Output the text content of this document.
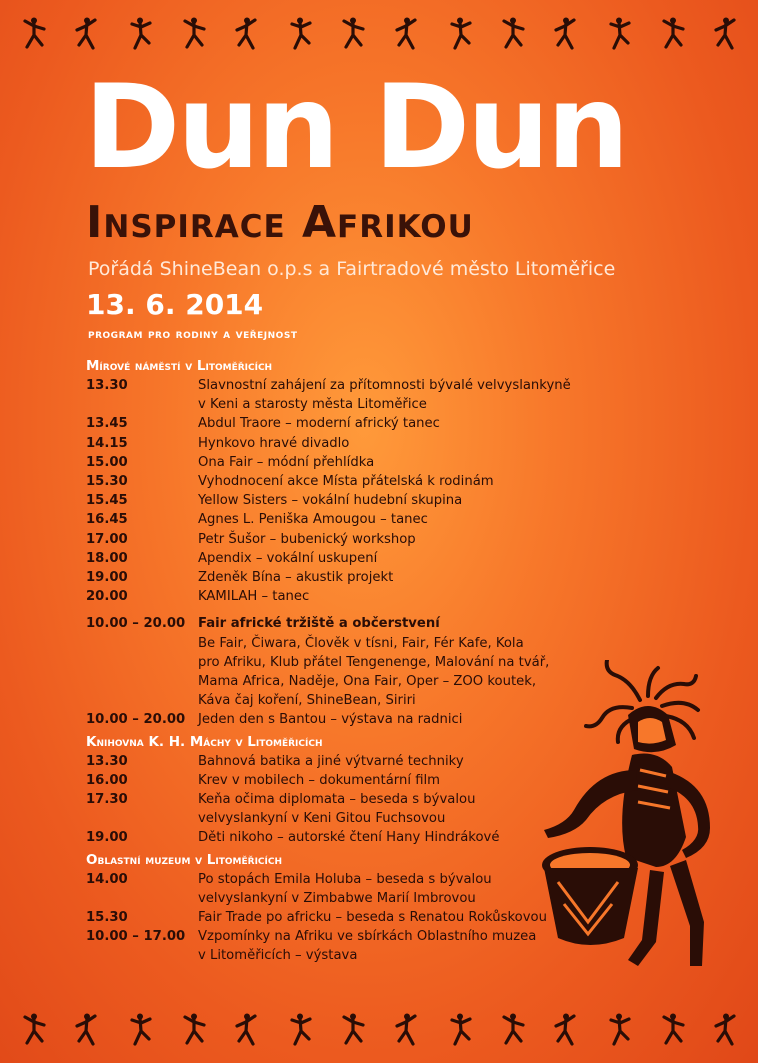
Dun Dun
Inspirace Afrikou
Pořádá ShineBean o.p.s a Fairtradové město Litoměřice
13. 6. 2014
program pro rodiny a veřejnost
Mírové náměstí v Litoměřicích
13.30	Slavnostní zahájení za přítomnosti bývalé velvyslankyně
v Keni a starosty města Litoměřice
13.45	Abdul Traore – moderní africký tanec
14.15	Hynkovo hravé divadlo
15.00	Ona Fair – módní přehlídka
15.30	Vyhodnocení akce Místa přátelská k rodinám
15.45	Yellow Sisters – vokální hudební skupina
16.45	Agnes L. Peniška Amougou – tanec
17.00	Petr Šušor – bubenický workshop
18.00	Apendix – vokální uskupení
19.00	Zdeněk Bína – akustik projekt
20.00	KAMILAH – tanec
10.00 – 20.00 Fair africké tržiště a občerstvení
Be Fair, Čiwara, Člověk v tísni, Fair, Fér Kafe, Kola
pro Afriku, Klub přátel Tengenenge, Malování na tvář,
Mama Africa, Naděje, Ona Fair, Oper – ZOO koutek,
Káva čaj koření, ShineBean, Siriri
10.00 – 20.00 Jeden den s Bantou – výstava na radnici
Knihovna K. H. Máchy v Litoměřicích
13.30	Bahnová batika a jiné výtvarné techniky
16.00	Krev v mobilech – dokumentární film
17.30	Keňa očima diplomata – beseda s bývalou
velvyslankyní v Keni Gitou Fuchsovou
19.00	Děti nikoho – autorské čtení Hany Hindrákové
Oblastní muzeum v Litoměřicích
14.00	Po stopách Emila Holuba – beseda s bývalou
velvyslankyní v Zimbabwe Marií Imbrovou
15.30	Fair Trade po africku – beseda s Renatou Rokůskovou
10.00 – 17.00 Vzpomínky na Afriku ve sbírkách Oblastního muzea
v Litoměřicích – výstava
